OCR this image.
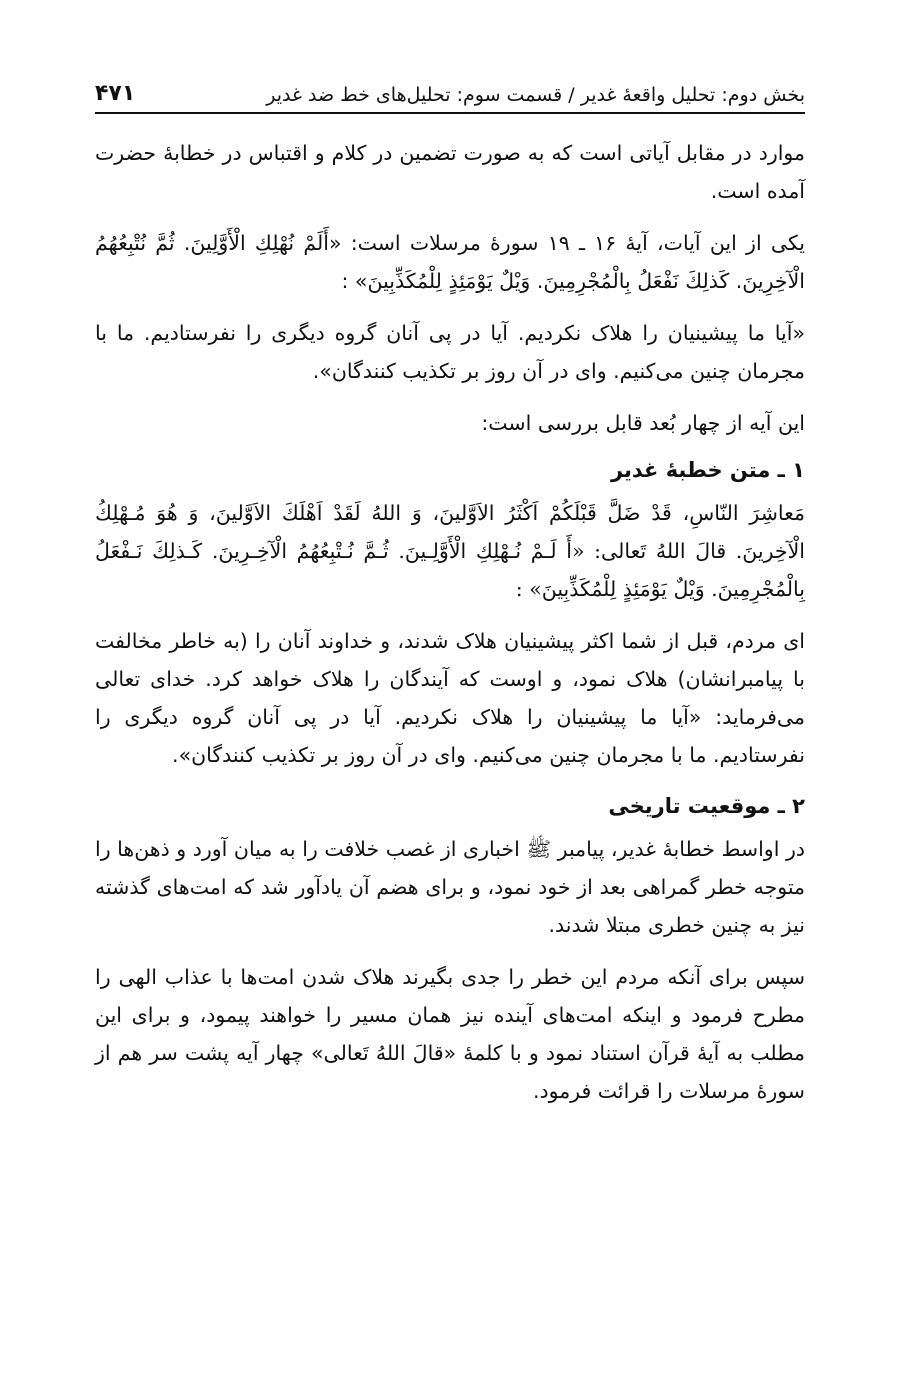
بخش دوم: تحلیل واقعهٔ غدیر / قسمت سوم: تحلیل‌های خط ضد غدیر
۴۷۱

موارد در مقابل آیاتی است که به صورت تضمین در کلام و اقتباس در خطابهٔ حضرت آمده است.

یکی از این آیات، آیهٔ ۱۶ ـ ۱۹ سورهٔ مرسلات است: «أَلَمْ نُهْلِكِ الْأَوَّلِينَ. ثُمَّ نُتْبِعُهُمُ الْآخِرِينَ. كَذلِكَ نَفْعَلُ بِالْمُجْرِمِينَ. وَيْلٌ يَوْمَئِذٍ لِلْمُكَذِّبِينَ» :

«آیا ما پیشینیان را هلاک نکردیم. آیا در پی آنان گروه دیگری را نفرستادیم. ما با مجرمان چنین می‌کنیم. وای در آن روز بر تکذیب کنندگان».

این آیه از چهار بُعد قابل بررسی است:

۱ ـ متن خطبهٔ غدیر

مَعاشِرَ النّاسِ، قَدْ ضَلَّ قَبْلَكُمْ اَكْثَرُ الاَوَّلينَ، وَ اللهُ لَقَدْ اَهْلَكَ الاَوَّلينَ، وَ هُوَ مُـهْلِكُ الْآخِرينَ. قالَ اللهُ تَعالى: «أَ لَـمْ نُـهْلِكِ الْأَوَّلِـينَ. ثُـمَّ نُـتْبِعُهُمُ الْآخِـرِينَ. كَـذلِكَ نَـفْعَلُ بِالْمُجْرِمِينَ. وَيْلٌ يَوْمَئِذٍ لِلْمُكَذِّبِينَ» :

ای مردم، قبل از شما اکثر پیشینیان هلاک شدند، و خداوند آنان را (به خاطر مخالفت با پیامبرانشان) هلاک نمود، و اوست که آیندگان را هلاک خواهد کرد. خدای تعالی می‌فرماید: «آیا ما پیشینیان را هلاک نکردیم. آیا در پی آنان گروه دیگری را نفرستادیم. ما با مجرمان چنین می‌کنیم. وای در آن روز بر تکذیب کنندگان».

۲ ـ موقعیت تاریخی

در اواسط خطابهٔ غدیر، پیامبر ﷺ اخباری از غصب خلافت را به میان آورد و ذهن‌ها را متوجه خطر گمراهی بعد از خود نمود، و برای هضم آن یادآور شد که امت‌های گذشته نیز به چنین خطری مبتلا شدند.

سپس برای آنکه مردم این خطر را جدی بگیرند هلاک شدن امت‌ها با عذاب الهی را مطرح فرمود و اینکه امت‌های آینده نیز همان مسیر را خواهند پیمود، و برای این مطلب به آیهٔ قرآن استناد نمود و با کلمهٔ «قالَ اللهُ تَعالی» چهار آیه پشت سر هم از سورهٔ مرسلات را قرائت فرمود.
